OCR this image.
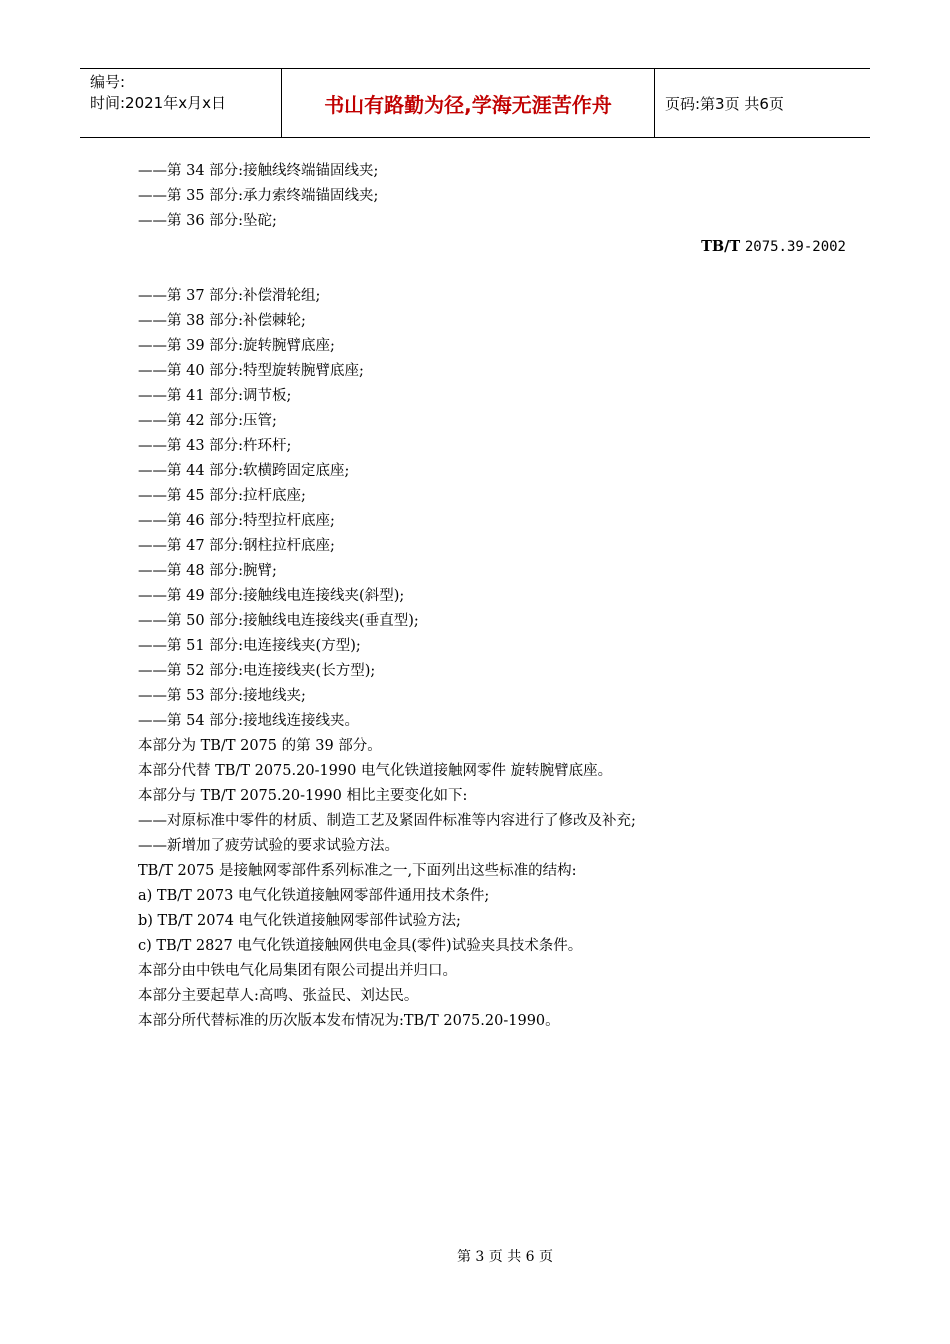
编号:
时间:2021年x月x日	书山有路勤为径,学海无涯苦作舟	页码:第3页 共6页
——第 34 部分:接触线终端锚固线夹;
——第 35 部分:承力索终端锚固线夹;
——第 36 部分:坠砣;
TB/T 2075.39-2002
——第 37 部分:补偿滑轮组;
——第 38 部分:补偿棘轮;
——第 39 部分:旋转腕臂底座;
——第 40 部分:特型旋转腕臂底座;
——第 41 部分:调节板;
——第 42 部分:压管;
——第 43 部分:杵环杆;
——第 44 部分:软横跨固定底座;
——第 45 部分:拉杆底座;
——第 46 部分:特型拉杆底座;
——第 47 部分:钢柱拉杆底座;
——第 48 部分:腕臂;
——第 49 部分:接触线电连接线夹(斜型);
——第 50 部分:接触线电连接线夹(垂直型);
——第 51 部分:电连接线夹(方型);
——第 52 部分:电连接线夹(长方型);
——第 53 部分:接地线夹;
——第 54 部分:接地线连接线夹。
本部分为 TB/T 2075 的第 39 部分。
本部分代替 TB/T 2075.20-1990 电气化铁道接触网零件 旋转腕臂底座。
本部分与 TB/T 2075.20-1990 相比主要变化如下:
——对原标准中零件的材质、制造工艺及紧固件标准等内容进行了修改及补充;
——新增加了疲劳试验的要求试验方法。
TB/T 2075 是接触网零部件系列标准之一,下面列出这些标准的结构:
a) TB/T 2073 电气化铁道接触网零部件通用技术条件;
b) TB/T 2074 电气化铁道接触网零部件试验方法;
c) TB/T 2827 电气化铁道接触网供电金具(零件)试验夹具技术条件。
本部分由中铁电气化局集团有限公司提出并归口。
本部分主要起草人:高鸣、张益民、刘达民。
本部分所代替标准的历次版本发布情况为:TB/T 2075.20-1990。
第 3 页 共 6 页
